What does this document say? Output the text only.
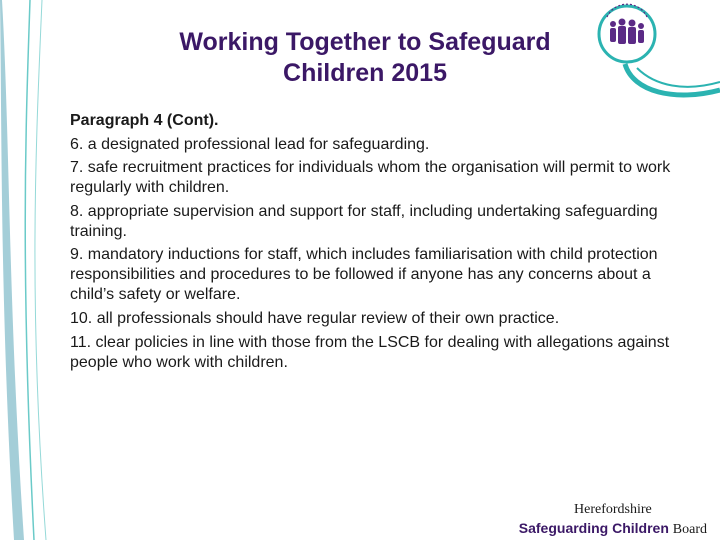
Working Together to Safeguard
Children 2015
Paragraph 4 (Cont).
6. a designated professional lead for safeguarding.
7. safe recruitment practices for individuals whom the organisation will permit to work regularly with children.
8. appropriate supervision and support for staff, including undertaking safeguarding training.
9. mandatory inductions for staff, which includes familiarisation with child protection responsibilities and procedures to be followed if anyone has any concerns about a child’s safety or welfare.
10. all professionals should have regular review of their own practice.
11. clear policies in line with those from the LSCB for dealing with allegations against people who work with children.
Herefordshire
Safeguarding Children Board
